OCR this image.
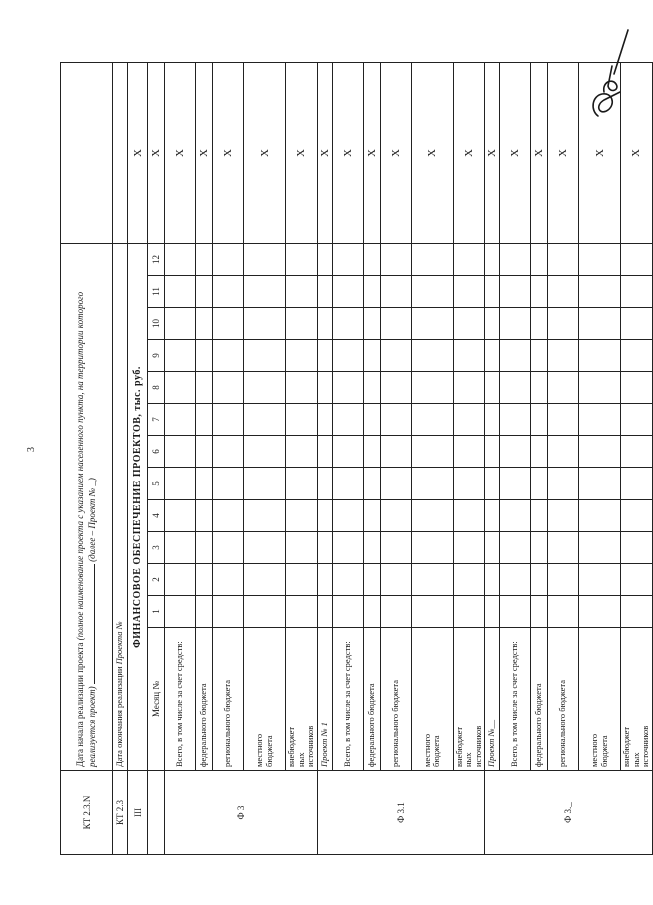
3
КТ 2.3.N	Дата начала реализации проекта (полное наименование проекта с указанием населенного пункта, на территории которого реализуется проект)  (далее – Проект № _)													
КТ 2.3	Дата окончания реализации Проекта №													
III	ФИНАНСОВОЕ ОБЕСПЕЧЕНИЕ ПРОЕКТОВ, тыс. руб.													Х
	Месяц №	1	2	3	4	5	6	7	8	9	10	11	12	Х
Ф 3	Всего, в том числе за счет средств:													Х
	федерального бюджета													Х
	регионального бюджета													Х
	местного бюджета													Х
	внебюджетных источников													Х
Ф 3.1	Проект № 1													Х
	Всего, в том числе за счет средств:													Х
	федерального бюджета													Х
	регионального бюджета													Х
	местного бюджета													Х
	внебюджетных источников													Х
Ф 3._	Проект №__													Х
	Всего, в том числе за счет средств:													Х
	федерального бюджета													Х
	регионального бюджета													Х
	местного бюджета													Х
	внебюджетных источников													Х
